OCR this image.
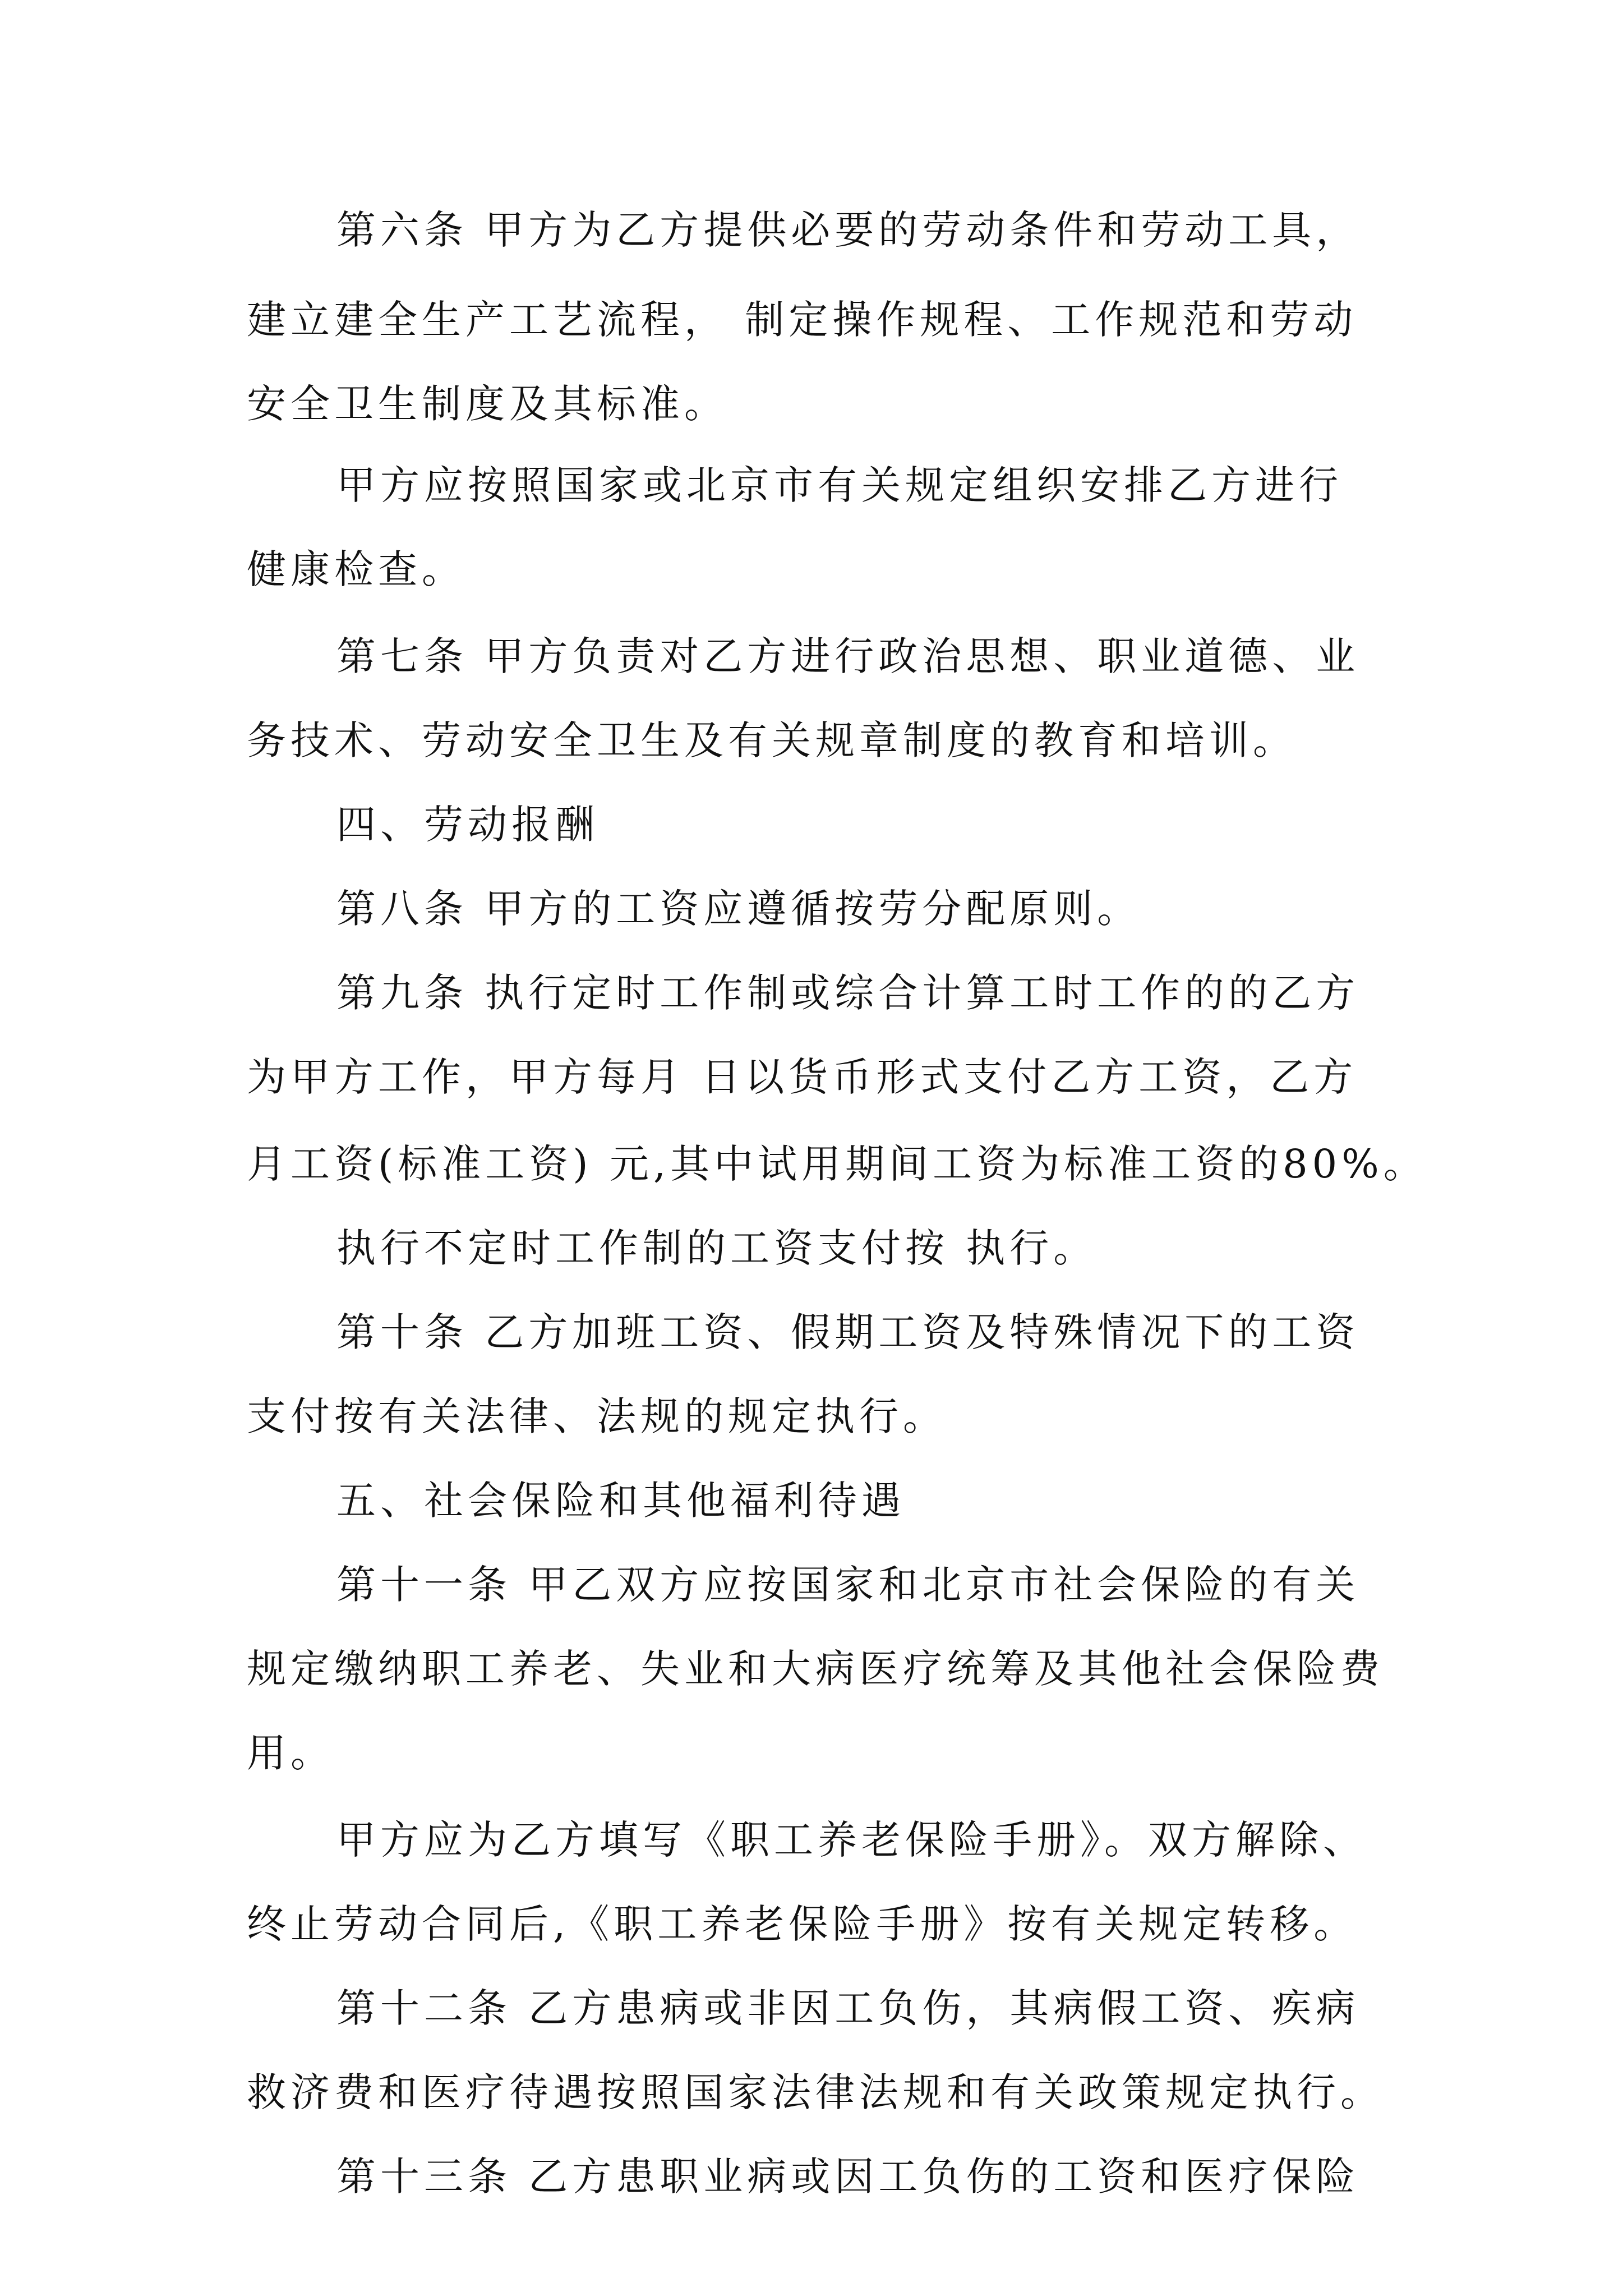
第六条 甲方为乙方提供必要的劳动条件和劳动工具，
建立建全生产工艺流程， 制定操作规程、工作规范和劳动
安全卫生制度及其标准。
甲方应按照国家或北京市有关规定组织安排乙方进行
健康检查。
第七条 甲方负责对乙方进行政治思想、职业道德、业
务技术、劳动安全卫生及有关规章制度的教育和培训。
四、劳动报酬
第八条 甲方的工资应遵循按劳分配原则。
第九条 执行定时工作制或综合计算工时工作的的乙方
为甲方工作，甲方每月 日以货币形式支付乙方工资，乙方
月工资(标准工资) 元,其中试用期间工资为标准工资的80%。
执行不定时工作制的工资支付按 执行。
第十条 乙方加班工资、假期工资及特殊情况下的工资
支付按有关法律、法规的规定执行。
五、社会保险和其他福利待遇
第十一条 甲乙双方应按国家和北京市社会保险的有关
规定缴纳职工养老、失业和大病医疗统筹及其他社会保险费
用。
甲方应为乙方填写《职工养老保险手册》。双方解除、
终止劳动合同后,《职工养老保险手册》按有关规定转移。
第十二条 乙方患病或非因工负伤，其病假工资、疾病
救济费和医疗待遇按照国家法律法规和有关政策规定执行。
第十三条 乙方患职业病或因工负伤的工资和医疗保险
